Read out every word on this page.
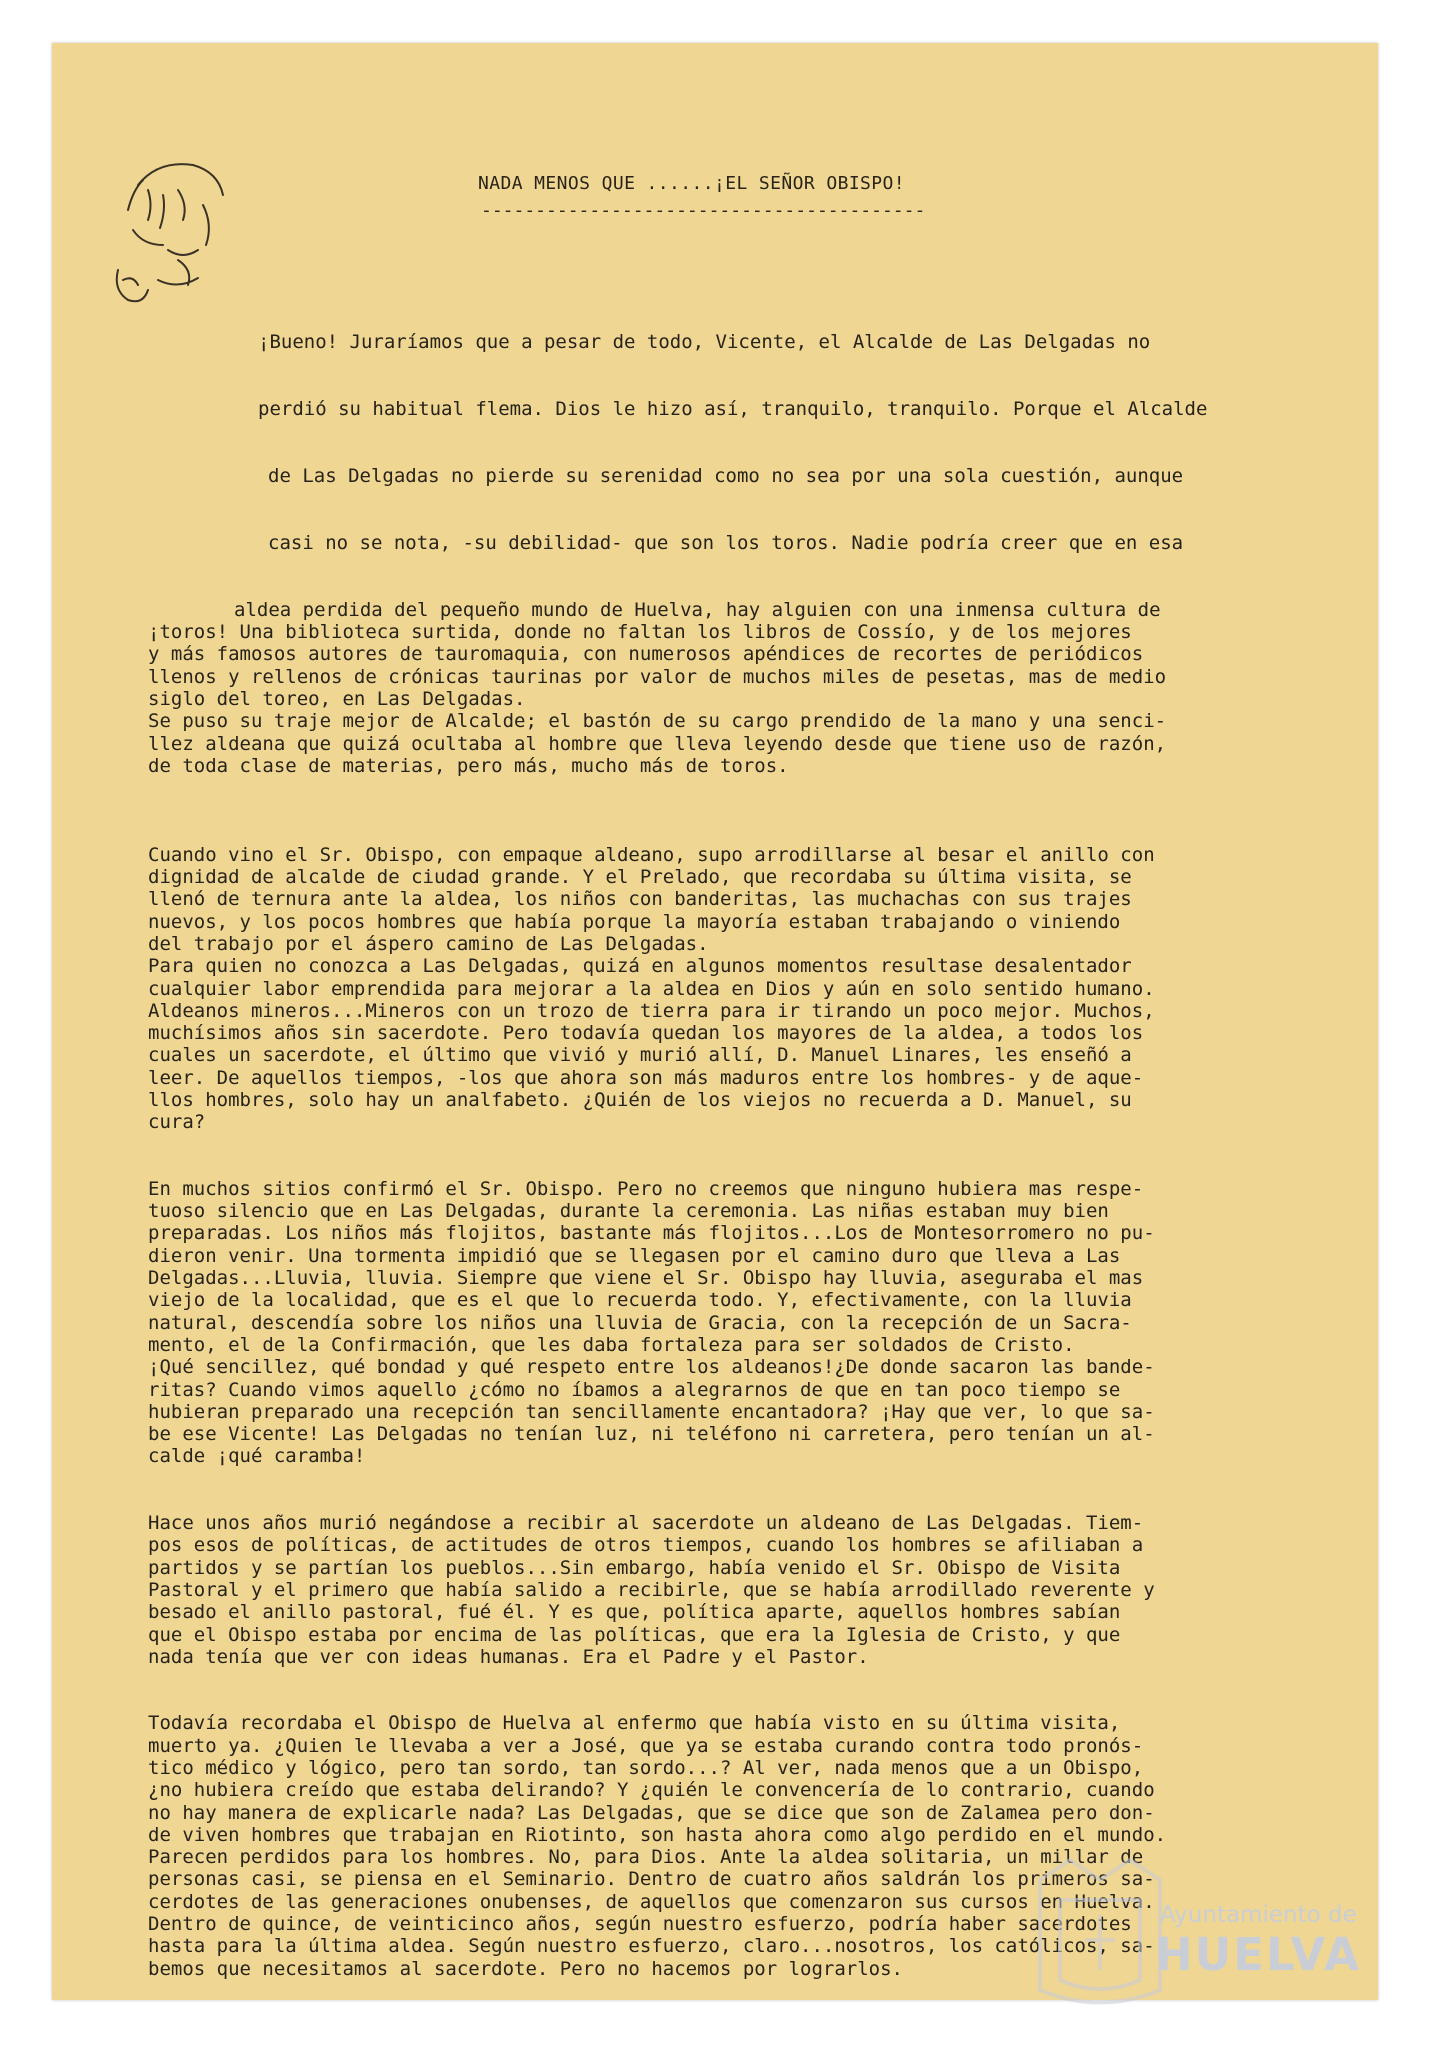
NADA MENOS QUE ......¡EL SEÑOR OBISPO!
-----------------------------------------

¡Bueno! Juraríamos que a pesar de todo, Vicente, el Alcalde de Las Delgadas no

perdió su habitual flema. Dios le hizo así, tranquilo, tranquilo. Porque el Alcalde

de Las Delgadas no pierde su serenidad como no sea por una sola cuestión, aunque

casi no se nota, -su debilidad- que son los toros. Nadie podría creer que en esa

aldea perdida del pequeño mundo de Huelva, hay alguien con una inmensa cultura de
¡toros! Una biblioteca surtida, donde no faltan los libros de Cossío, y de los mejores
y más famosos autores de tauromaquia, con numerosos apéndices de recortes de periódicos
llenos y rellenos de crónicas taurinas por valor de muchos miles de pesetas, mas de medio
siglo del toreo, en Las Delgadas.
Se puso su traje mejor de Alcalde; el bastón de su cargo prendido de la mano y una senci-
llez aldeana que quizá ocultaba al hombre que lleva leyendo desde que tiene uso de razón,
de toda clase de materias, pero más, mucho más de toros.

Cuando vino el Sr. Obispo, con empaque aldeano, supo arrodillarse al besar el anillo con
dignidad de alcalde de ciudad grande. Y el Prelado, que recordaba su última visita, se
llenó de ternura ante la aldea, los niños con banderitas, las muchachas con sus trajes
nuevos, y los pocos hombres que había porque la mayoría estaban trabajando o viniendo
del trabajo por el áspero camino de Las Delgadas.
Para quien no conozca a Las Delgadas, quizá en algunos momentos resultase desalentador
cualquier labor emprendida para mejorar a la aldea en Dios y aún en solo sentido humano.
Aldeanos mineros...Mineros con un trozo de tierra para ir tirando un poco mejor. Muchos,
muchísimos años sin sacerdote. Pero todavía quedan los mayores de la aldea, a todos los
cuales un sacerdote, el último que vivió y murió allí, D. Manuel Linares, les enseñó a
leer. De aquellos tiempos, -los que ahora son más maduros entre los hombres- y de aque-
llos hombres, solo hay un analfabeto. ¿Quién de los viejos no recuerda a D. Manuel, su
cura?

En muchos sitios confirmó el Sr. Obispo. Pero no creemos que ninguno hubiera mas respe-
tuoso silencio que en Las Delgadas, durante la ceremonia. Las niñas estaban muy bien
preparadas. Los niños más flojitos, bastante más flojitos...Los de Montesorromero no pu-
dieron venir. Una tormenta impidió que se llegasen por el camino duro que lleva a Las
Delgadas...Lluvia, lluvia. Siempre que viene el Sr. Obispo hay lluvia, aseguraba el mas
viejo de la localidad, que es el que lo recuerda todo. Y, efectivamente, con la lluvia
natural, descendía sobre los niños una lluvia de Gracia, con la recepción de un Sacra-
mento, el de la Confirmación, que les daba fortaleza para ser soldados de Cristo.
¡Qué sencillez, qué bondad y qué respeto entre los aldeanos!¿De donde sacaron las bande-
ritas? Cuando vimos aquello ¿cómo no íbamos a alegrarnos de que en tan poco tiempo se
hubieran preparado una recepción tan sencillamente encantadora? ¡Hay que ver, lo que sa-
be ese Vicente! Las Delgadas no tenían luz, ni teléfono ni carretera, pero tenían un al-
calde ¡qué caramba!

Hace unos años murió negándose a recibir al sacerdote un aldeano de Las Delgadas. Tiem-
pos esos de políticas, de actitudes de otros tiempos, cuando los hombres se afiliaban a
partidos y se partían los pueblos...Sin embargo, había venido el Sr. Obispo de Visita
Pastoral y el primero que había salido a recibirle, que se había arrodillado reverente y
besado el anillo pastoral, fué él. Y es que, política aparte, aquellos hombres sabían
que el Obispo estaba por encima de las políticas, que era la Iglesia de Cristo, y que
nada tenía que ver con ideas humanas. Era el Padre y el Pastor.

Todavía recordaba el Obispo de Huelva al enfermo que había visto en su última visita,
muerto ya. ¿Quien le llevaba a ver a José, que ya se estaba curando contra todo pronós-
tico médico y lógico, pero tan sordo, tan sordo...? Al ver, nada menos que a un Obispo,
¿no hubiera creído que estaba delirando? Y ¿quién le convencería de lo contrario, cuando
no hay manera de explicarle nada? Las Delgadas, que se dice que son de Zalamea pero don-
de viven hombres que trabajan en Riotinto, son hasta ahora como algo perdido en el mundo.
Parecen perdidos para los hombres. No, para Dios. Ante la aldea solitaria, un millar de
personas casi, se piensa en el Seminario. Dentro de cuatro años saldrán los primeros sa-
cerdotes de las generaciones onubenses, de aquellos que comenzaron sus cursos en Huelva.
Dentro de quince, de veinticinco años, según nuestro esfuerzo, podría haber sacerdotes
hasta para la última aldea. Según nuestro esfuerzo, claro...nosotros, los católicos, sa-
bemos que necesitamos al sacerdote. Pero no hacemos por lograrlos.

Ayuntamiento de
HUELVA
